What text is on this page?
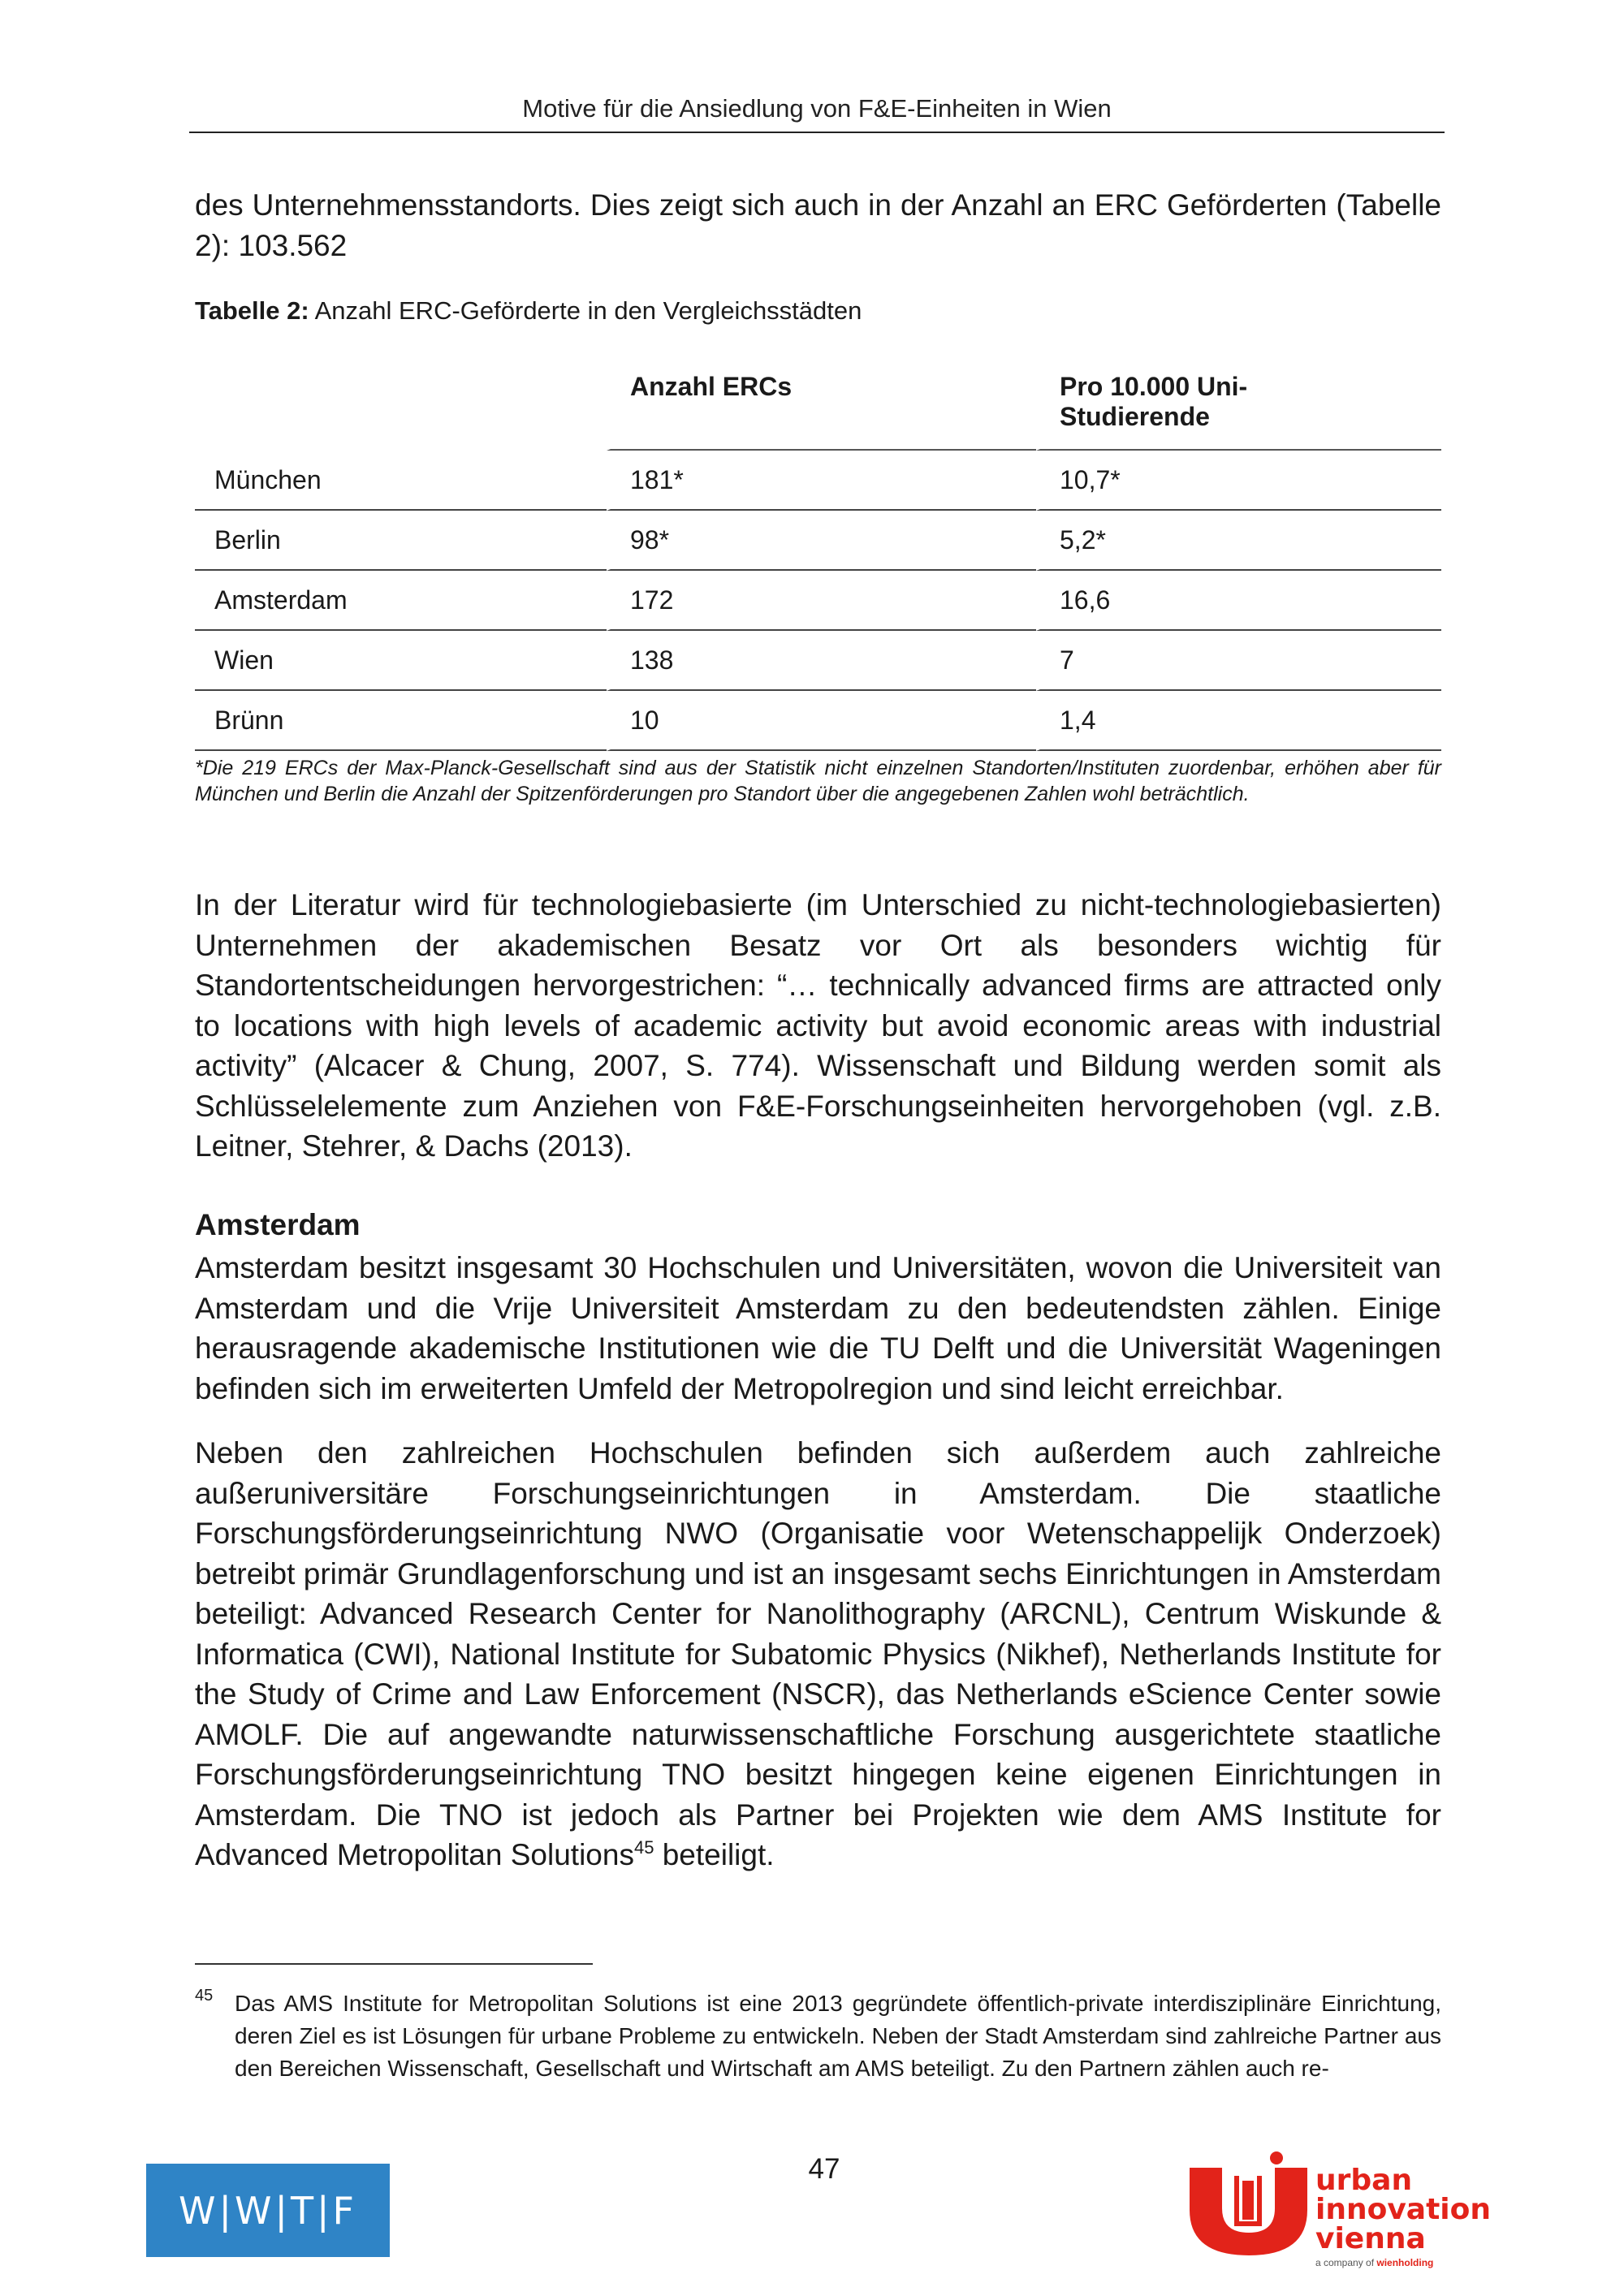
Motive für die Ansiedlung von F&E-Einheiten in Wien

des Unternehmensstandorts. Dies zeigt sich auch in der Anzahl an ERC Geförderten (Tabelle 2): 103.562

Tabelle 2: Anzahl ERC-Geförderte in den Vergleichsstädten
	Anzahl ERCs	Pro 10.000 Uni-
Studierende
München	181*	10,7*
Berlin	98*	5,2*
Amsterdam	172	16,6
Wien	138	7
Brünn	10	1,4
*Die 219 ERCs der Max-Planck-Gesellschaft sind aus der Statistik nicht einzelnen Standorten/Instituten zuordenbar, erhöhen aber für München und Berlin die Anzahl der Spitzenförderungen pro Standort über die angegebenen Zahlen wohl beträchtlich.

In der Literatur wird für technologiebasierte (im Unterschied zu nicht-technologiebasierten) Unternehmen der akademischen Besatz vor Ort als besonders wichtig für Standortentscheidungen hervorgestrichen: “… technically advanced firms are attracted only to locations with high levels of academic activity but avoid economic areas with industrial activity” (Alcacer & Chung, 2007, S. 774). Wissenschaft und Bildung werden somit als Schlüsselelemente zum Anziehen von F&E-Forschungseinheiten hervorgehoben (vgl. z.B. Leitner, Stehrer, & Dachs (2013).

Amsterdam

Amsterdam besitzt insgesamt 30 Hochschulen und Universitäten, wovon die Universiteit van Amsterdam und die Vrije Universiteit Amsterdam zu den bedeutendsten zählen. Einige herausragende akademische Institutionen wie die TU Delft und die Universität Wageningen befinden sich im erweiterten Umfeld der Metropolregion und sind leicht erreichbar.

Neben den zahlreichen Hochschulen befinden sich außerdem auch zahlreiche außeruniversitäre Forschungseinrichtungen in Amsterdam. Die staatliche Forschungsförderungseinrichtung NWO (Organisatie voor Wetenschappelijk Onderzoek) betreibt primär Grundlagenforschung und ist an insgesamt sechs Einrichtungen in Amsterdam beteiligt: Advanced Research Center for Nanolithography (ARCNL), Centrum Wiskunde & Informatica (CWI), National Institute for Subatomic Physics (Nikhef), Netherlands Institute for the Study of Crime and Law Enforcement (NSCR), das Netherlands eScience Center sowie AMOLF. Die auf angewandte naturwissenschaftliche Forschung ausgerichtete staatliche Forschungsförderungseinrichtung TNO besitzt hingegen keine eigenen Einrichtungen in Amsterdam. Die TNO ist jedoch als Partner bei Projekten wie dem AMS Institute for Advanced Metropolitan Solutions$^{45}$ beteiligt.

45 Das AMS Institute for Metropolitan Solutions ist eine 2013 gegründete öffentlich-private interdisziplinäre Einrichtung, deren Ziel es ist Lösungen für urbane Probleme zu entwickeln. Neben der Stadt Amsterdam sind zahlreiche Partner aus den Bereichen Wissenschaft, Gesellschaft und Wirtschaft am AMS beteiligt. Zu den Partnern zählen auch re-
47
W|W|T|F
urban
innovation
vienna
a company of wienholding
